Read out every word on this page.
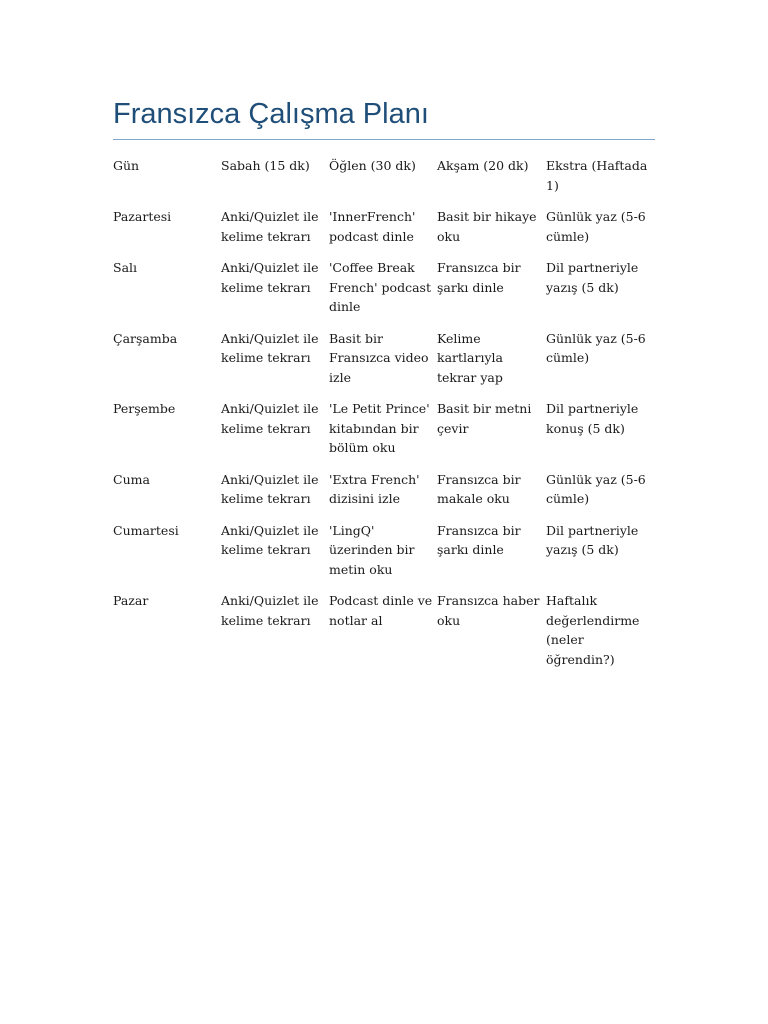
Fransızca Çalışma Planı
Gün	Sabah (15 dk)	Öğlen (30 dk)	Akşam (20 dk)	Ekstra (Haftada 1)
Pazartesi	Anki/Quizlet ile kelime tekrarı	'InnerFrench' podcast dinle	Basit bir hikaye oku	Günlük yaz (5-6 cümle)
Salı	Anki/Quizlet ile kelime tekrarı	'Coffee Break French' podcast dinle	Fransızca bir şarkı dinle	Dil partneriyle yazış (5 dk)
Çarşamba	Anki/Quizlet ile kelime tekrarı	Basit bir Fransızca video izle	Kelime kartlarıyla tekrar yap	Günlük yaz (5-6 cümle)
Perşembe	Anki/Quizlet ile kelime tekrarı	'Le Petit Prince' kitabından bir bölüm oku	Basit bir metni çevir	Dil partneriyle konuş (5 dk)
Cuma	Anki/Quizlet ile kelime tekrarı	'Extra French' dizisini izle	Fransızca bir makale oku	Günlük yaz (5-6 cümle)
Cumartesi	Anki/Quizlet ile kelime tekrarı	'LingQ' üzerinden bir metin oku	Fransızca bir şarkı dinle	Dil partneriyle yazış (5 dk)
Pazar	Anki/Quizlet ile kelime tekrarı	Podcast dinle ve notlar al	Fransızca haber oku	Haftalık değerlendirme (neler öğrendin?)
